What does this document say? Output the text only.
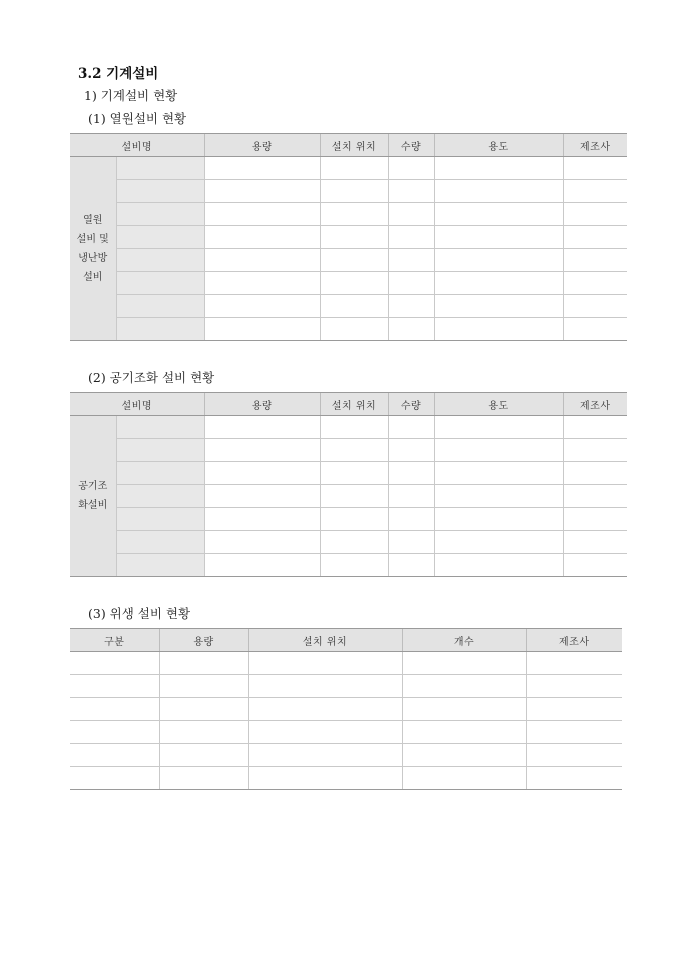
3.2 기계설비
1) 기계설비 현황
(1) 열원설비 현황
설비명		용량	설치 위치	수량	용도	제조사

열원
설비 및
냉난방
설비						

(2) 공기조화 설비 현황
설비명		용량	설치 위치	수량	용도	제조사

공기조
화설비						

(3) 위생 설비 현황
구분	용량	설치 위치	개수	제조사
